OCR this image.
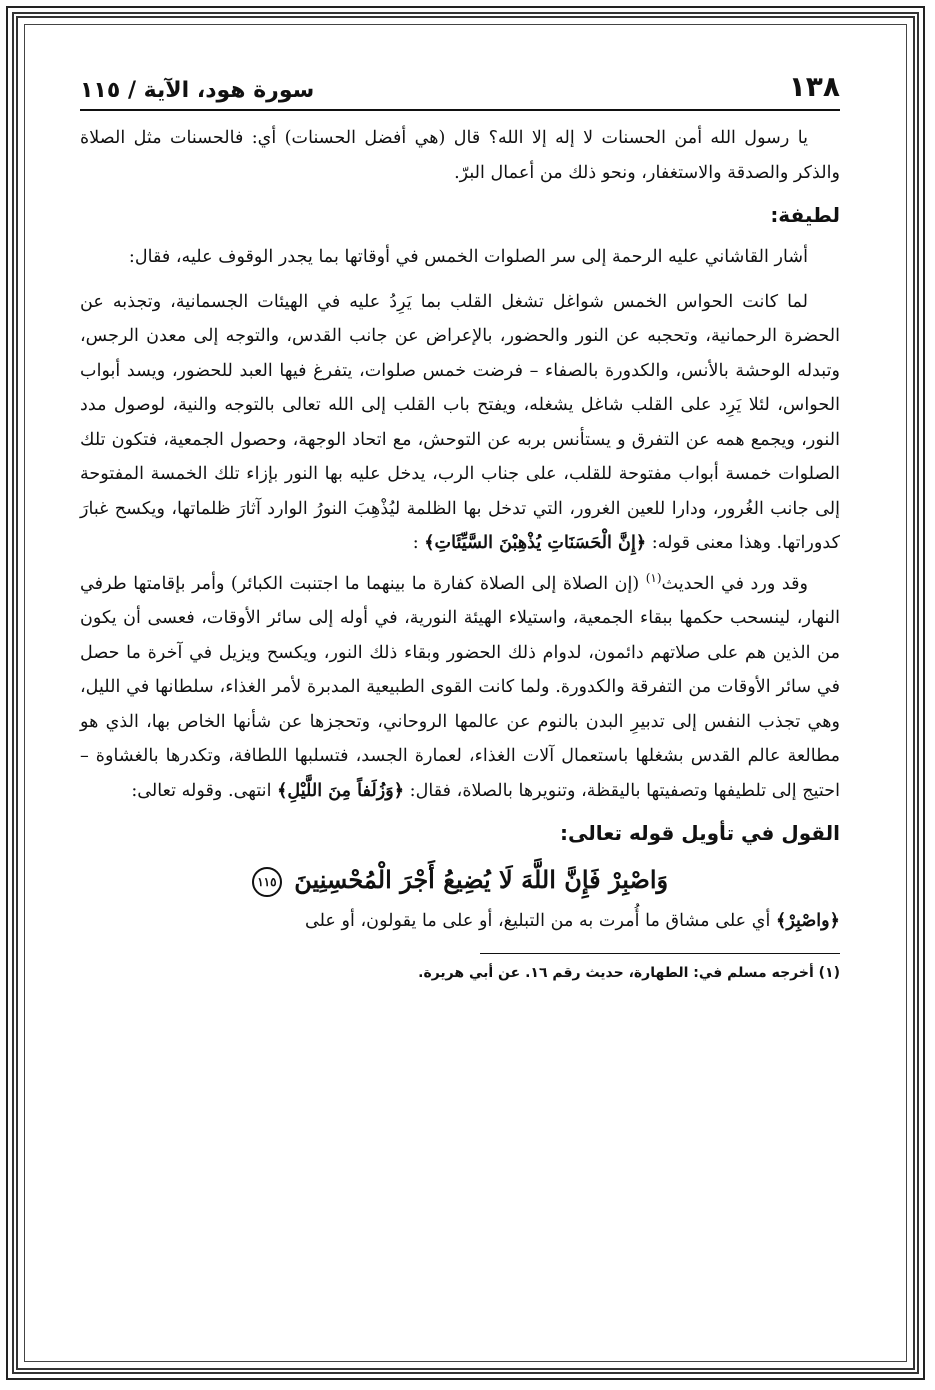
١٣٨
سورة هود، الآية / ١١٥

يا رسول الله أمن الحسنات لا إله إلا الله؟ قال (هي أفضل الحسنات) أي: فالحسنات مثل الصلاة والذكر والصدقة والاستغفار، ونحو ذلك من أعمال البرّ.

لطيفة:

أشار القاشاني عليه الرحمة إلى سر الصلوات الخمس في أوقاتها بما يجدر الوقوف عليه، فقال:

لما كانت الحواس الخمس شواغل تشغل القلب بما يَرِدُ عليه في الهيئات الجسمانية، وتجذبه عن الحضرة الرحمانية، وتحجبه عن النور والحضور، بالإعراض عن جانب القدس، والتوجه إلى معدن الرجس، وتبدله الوحشة بالأنس، والكدورة بالصفاء – فرضت خمس صلوات، يتفرغ فيها العبد للحضور، ويسد أبواب الحواس، لئلا يَرِد على القلب شاغل يشغله، ويفتح باب القلب إلى الله تعالى بالتوجه والنية، لوصول مدد النور، ويجمع همه عن التفرق و يستأنس بربه عن التوحش، مع اتحاد الوجهة، وحصول الجمعية، فتكون تلك الصلوات خمسة أبواب مفتوحة للقلب، على جناب الرب، يدخل عليه بها النور بإزاء تلك الخمسة المفتوحة إلى جانب الغُرور، ودارا للعين الغرور، التي تدخل بها الظلمة ليُذْهِبَ النورُ الوارد آثارَ ظلماتها، ويكسح غبارَ كدوراتها. وهذا معنى قوله: ﴿إِنَّ الْحَسَنَاتِ يُذْهِبْنَ السَّيِّئَاتِ﴾ :

وقد ورد في الحديث$^{(١)}$ (إن الصلاة إلى الصلاة كفارة ما بينهما ما اجتنبت الكبائر) وأمر بإقامتها طرفي النهار، لينسحب حكمها ببقاء الجمعية، واستيلاء الهيئة النورية، في أوله إلى سائر الأوقات، فعسى أن يكون من الذين هم على صلاتهم دائمون، لدوام ذلك الحضور وبقاء ذلك النور، ويكسح ويزيل في آخرة ما حصل في سائر الأوقات من التفرقة والكدورة. ولما كانت القوى الطبيعية المدبرة لأمر الغذاء، سلطانها في الليل، وهي تجذب النفس إلى تدبيرِ البدن بالنوم عن عالمها الروحاني، وتحجزها عن شأنها الخاص بها، الذي هو مطالعة عالم القدس بشغلها باستعمال آلات الغذاء، لعمارة الجسد، فتسلبها اللطافة، وتكدرها بالغشاوة – احتيج إلى تلطيفها وتصفيتها باليقظة، وتنويرها بالصلاة، فقال: ﴿وَزُلَفاً مِنَ اللَّيْلِ﴾ انتهى. وقوله تعالى:

القول في تأويل قوله تعالى:

وَاصْبِرْ فَإِنَّ اللَّهَ لَا يُضِيعُ أَجْرَ الْمُحْسِنِينَ ١١٥

﴿واصْبِرْ﴾ أي على مشاق ما أُمرت به من التبليغ، أو على ما يقولون، أو على

(١) أخرجه مسلم في: الطهارة، حديث رقم ١٦. عن أبي هريرة.
